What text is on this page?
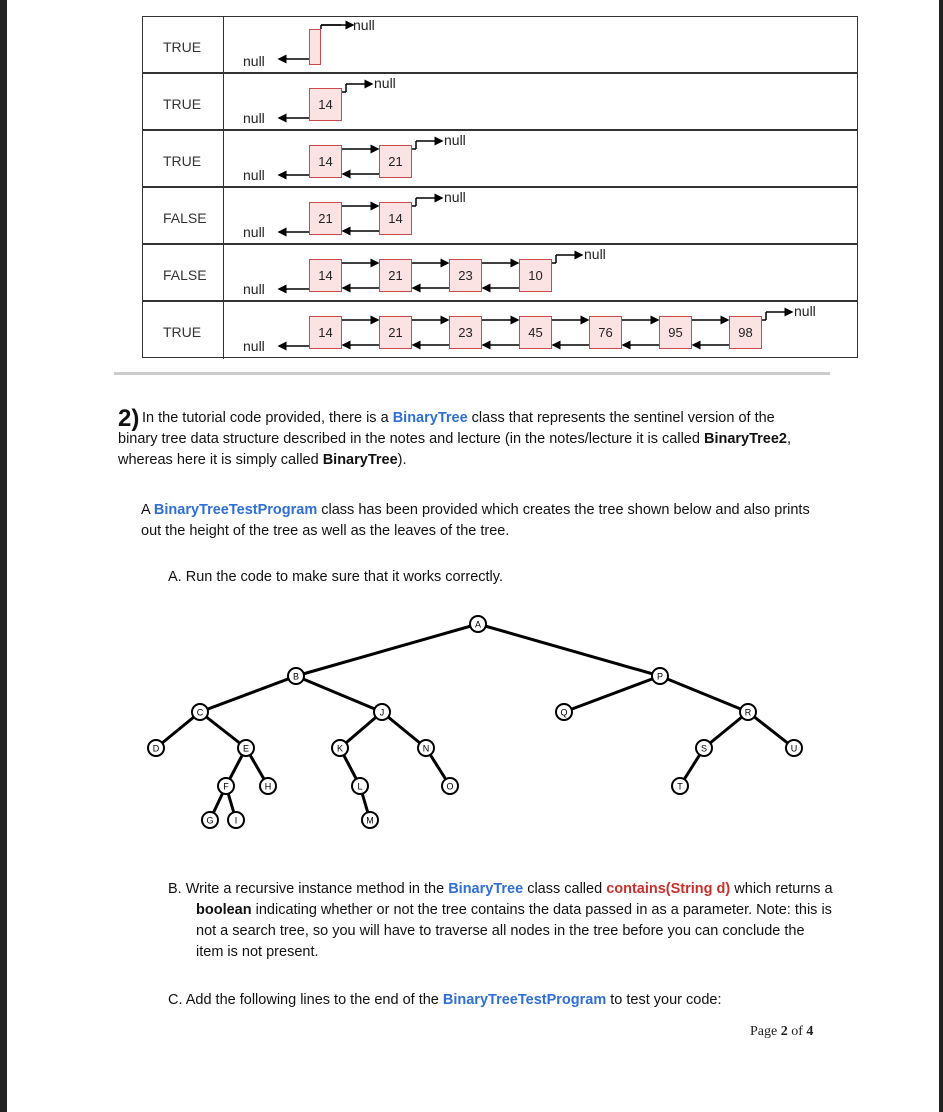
TRUE
null
null
TRUE
null
14
null
TRUE
null
14	21
null
FALSE
null
21	14
null
FALSE
null
14	21	23	10
null
TRUE
null
14	21	23	45	76	95	98
null
2) In the tutorial code provided, there is a BinaryTree class that represents the sentinel version of the binary tree data structure described in the notes and lecture (in the notes/lecture it is called BinaryTree2, whereas here it is simply called BinaryTree).

A BinaryTreeTestProgram class has been provided which creates the tree shown below and also prints out the height of the tree as well as the leaves of the tree.
A. Run the code to make sure that it works correctly.
A
B
C
D	E
F
G
H
I
J
K
L
M
N
O
P
Q	R
S
T
U
B. Write a recursive instance method in the BinaryTree class called contains(String d) which returns a boolean indicating whether or not the tree contains the data passed in as a parameter. Note: this is not a search tree, so you will have to traverse all nodes in the tree before you can conclude the item is not present.
C. Add the following lines to the end of the BinaryTreeTestProgram to test your code:
Page 2 of 4
